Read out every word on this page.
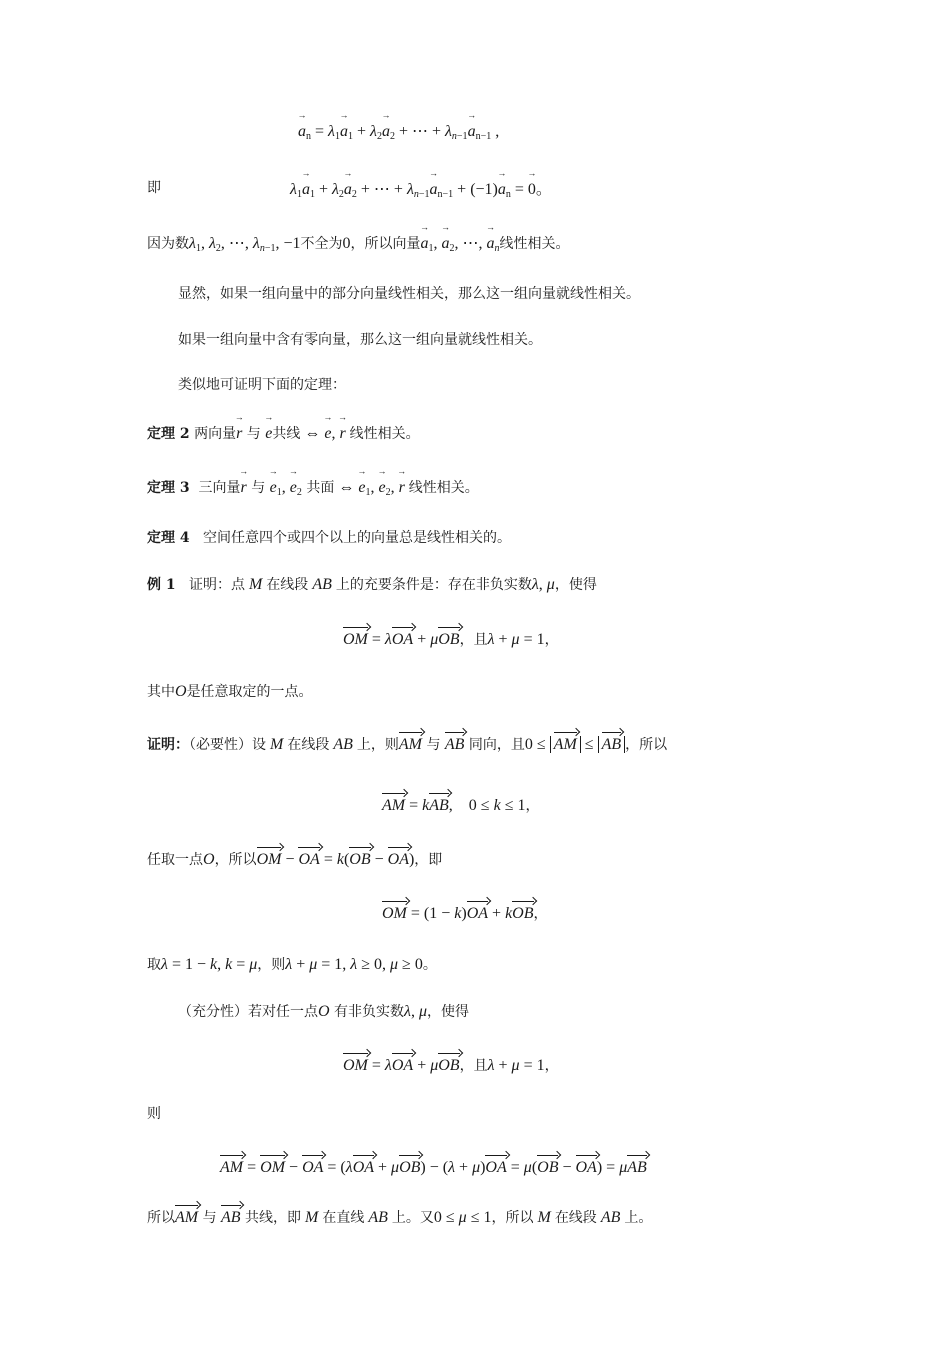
→ $a_n = \lambda_1\to a_1 + \lambda_2\to a_2$ + ⋯ + $\lambda_{n-1}\to a_{n-1}$ ,
即	$\lambda_1\to a_1 + \lambda_2\to a_2$ + ⋯ + $\lambda_{n-1}\to a_{n-1} + (-1)\to a_n$ = → 0。
因为数$\lambda_1$, $\lambda_2$, ⋯, $\lambda_{n-1}$, −1不全为0，所以向量→ $a_1$, → $a_2$, ⋯, → $a_n$线性相关。
显然，如果一组向量中的部分向量线性相关，那么这一组向量就线性相关。
如果一组向量中含有零向量，那么这一组向量就线性相关。
类似地可证明下面的定理：
定理 2 两向量→ r 与 → e共线 ⇔ → e, → r 线性相关。
定理 3 三向量→ r 与 → $e_1$, → $e_2$ 共面 ⇔ → $e_1$, → $e_2$, → r 线性相关。
定理 4 空间任意四个或四个以上的向量总是线性相关的。
例 1 证明：点 M 在线段 AB 上的充要条件是：存在非负实数λ, μ，使得
OM = λOA + μOB，且λ + μ = 1，
其中O是任意取定的一点。
证明：（必要性）设 M 在线段 AB 上，则AM 与 AB 同向，且0 ≤ AM ≤ AB ，所以
AM = kAB,    0 ≤ k ≤ 1，
任取一点O，所以OM − OA = k(OB − OA)，即
OM = (1 − k)OA + kOB，
取λ = 1 − k, k = μ，则λ + μ = 1, λ ≥ 0, μ ≥ 0。
（充分性）若对任一点O 有非负实数λ, μ，使得
OM = λOA + μOB，且λ + μ = 1，
则
AM = OM − OA = (λOA + μOB) − (λ + μ)OA = μ(OB − OA) = μAB
所以AM 与 AB 共线，即 M 在直线 AB 上。又0 ≤ μ ≤ 1，所以 M 在线段 AB 上。
